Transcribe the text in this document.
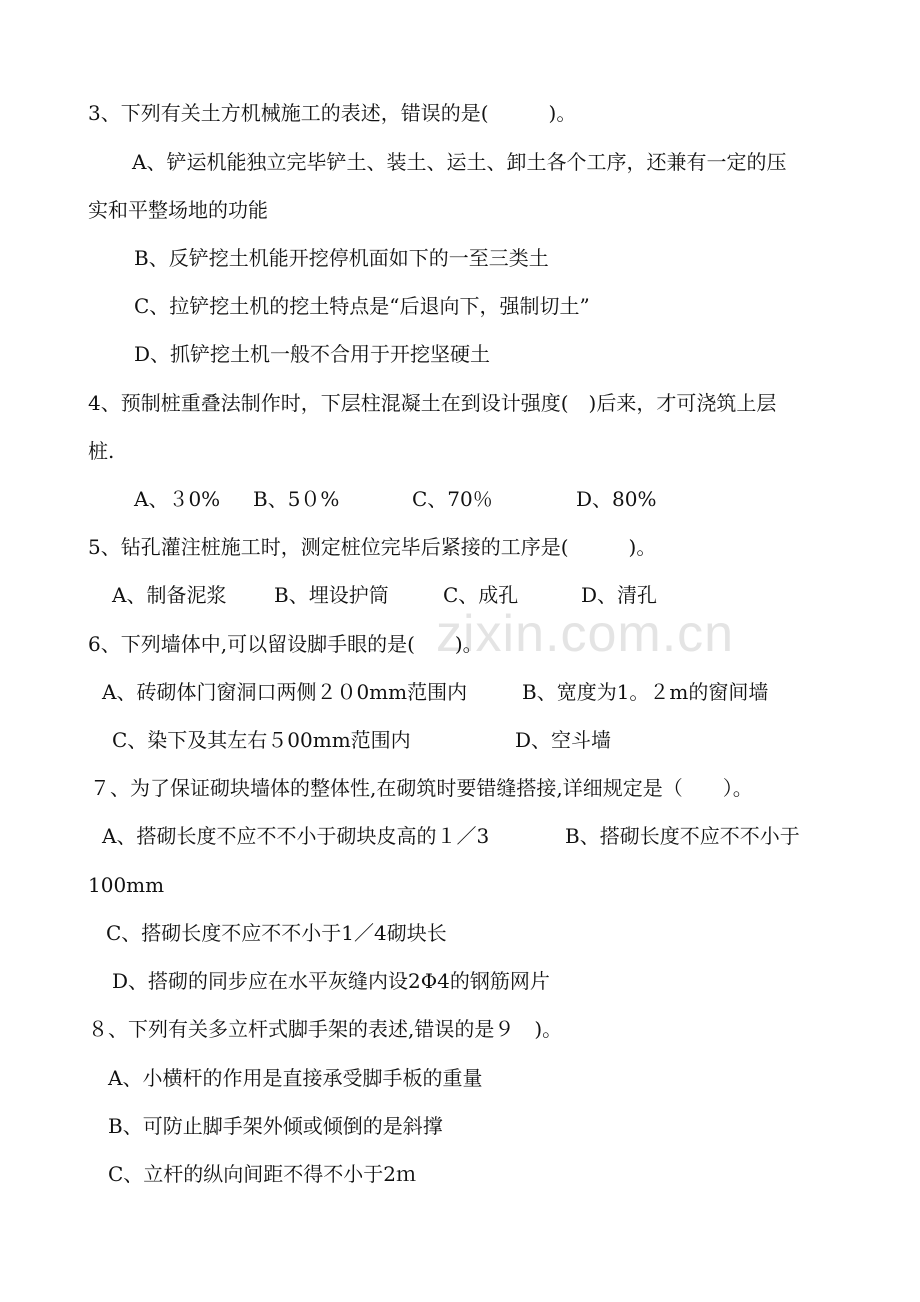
zixin.com.cn
3、下列有关土方机械施工的表述，错误的是(　　　)。
A、铲运机能独立完毕铲土、装土、运土、卸土各个工序，还兼有一定的压
实和平整场地的功能
B、反铲挖土机能开挖停机面如下的一至三类土
C、拉铲挖土机的挖土特点是“后退向下，强制切土”
D、抓铲挖土机一般不合用于开挖坚硬土
4、预制桩重叠法制作时，下层柱混凝土在到设计强度(　)后来，才可浇筑上层
桩.
A、３0% B、5０%	C、70％	D、80%
5、钻孔灌注桩施工时，测定桩位完毕后紧接的工序是(　　　)。
A、制备泥浆 B、埋设护筒	C、成孔	D、清孔
6、下列墙体中,可以留设脚手眼的是(　　)。
A、砖砌体门窗洞口两侧２０0mm范围内	B、宽度为1。２m的窗间墙
C、染下及其左右５00mm范围内	D、空斗墙
７、为了保证砌块墙体的整体性,在砌筑时要错缝搭接,详细规定是（　　）。
A、搭砌长度不应不不小于砌块皮高的１／3	B、搭砌长度不应不不小于
100mm
C、搭砌长度不应不不小于1／4砌块长
D、搭砌的同步应在水平灰缝内设2Φ4的钢筋网片
８、下列有关多立杆式脚手架的表述,错误的是９　)。
A、小横杆的作用是直接承受脚手板的重量
B、可防止脚手架外倾或倾倒的是斜撑
C、立杆的纵向间距不得不小于2ｍ
